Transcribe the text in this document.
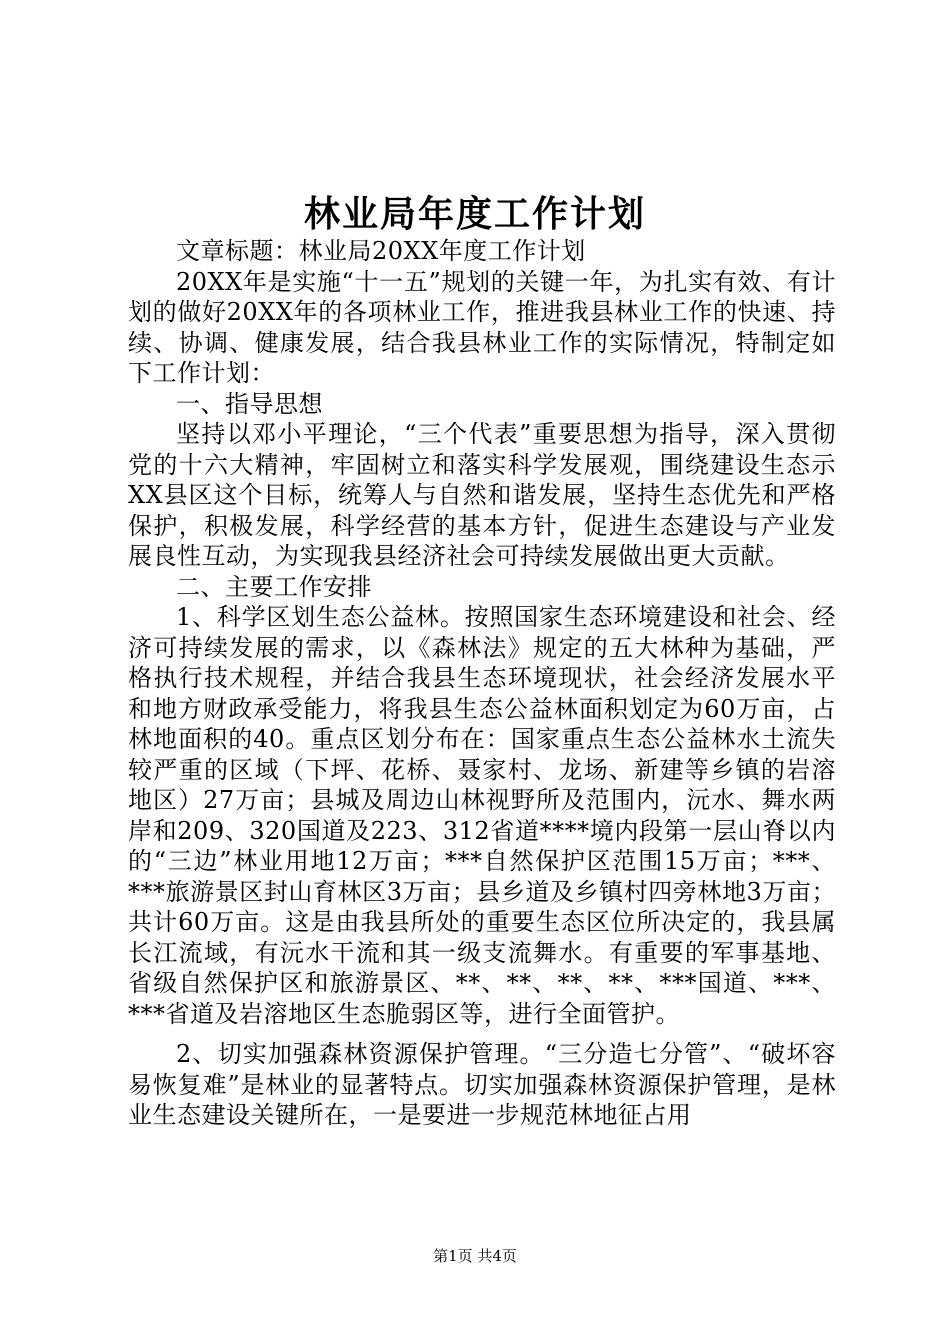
林业局年度工作计划

文章标题：林业局20XX年度工作计划

20XX年是实施“十一五”规划的关键一年，为扎实有效、有计划的做好20XX年的各项林业工作，推进我县林业工作的快速、持续、协调、健康发展，结合我县林业工作的实际情况，特制定如下工作计划：

一、指导思想

坚持以邓小平理论，“三个代表”重要思想为指导，深入贯彻党的十六大精神，牢固树立和落实科学发展观，围绕建设生态示XX县区这个目标，统筹人与自然和谐发展，坚持生态优先和严格保护，积极发展，科学经营的基本方针，促进生态建设与产业发展良性互动，为实现我县经济社会可持续发展做出更大贡献。

二、主要工作安排

1、科学区划生态公益林。按照国家生态环境建设和社会、经济可持续发展的需求，以《森林法》规定的五大林种为基础，严格执行技术规程，并结合我县生态环境现状，社会经济发展水平和地方财政承受能力，将我县生态公益林面积划定为60万亩，占林地面积的40。重点区划分布在：国家重点生态公益林水土流失较严重的区域（下坪、花桥、聂家村、龙场、新建等乡镇的岩溶地区）27万亩；县城及周边山林视野所及范围内，沅水、舞水两岸和209、320国道及223、312省道****境内段第一层山脊以内的“三边”林业用地12万亩；***自然保护区范围15万亩；***、***旅游景区封山育林区3万亩；县乡道及乡镇村四旁林地3万亩；共计60万亩。这是由我县所处的重要生态区位所决定的，我县属长江流域，有沅水干流和其一级支流舞水。有重要的军事基地、省级自然保护区和旅游景区、**、**、**、**、***国道、***、***省道及岩溶地区生态脆弱区等，进行全面管护。

2、切实加强森林资源保护管理。“三分造七分管”、“破坏容易恢复难”是林业的显著特点。切实加强森林资源保护管理，是林业生态建设关键所在，一是要进一步规范林地征占用

第1页 共4页
